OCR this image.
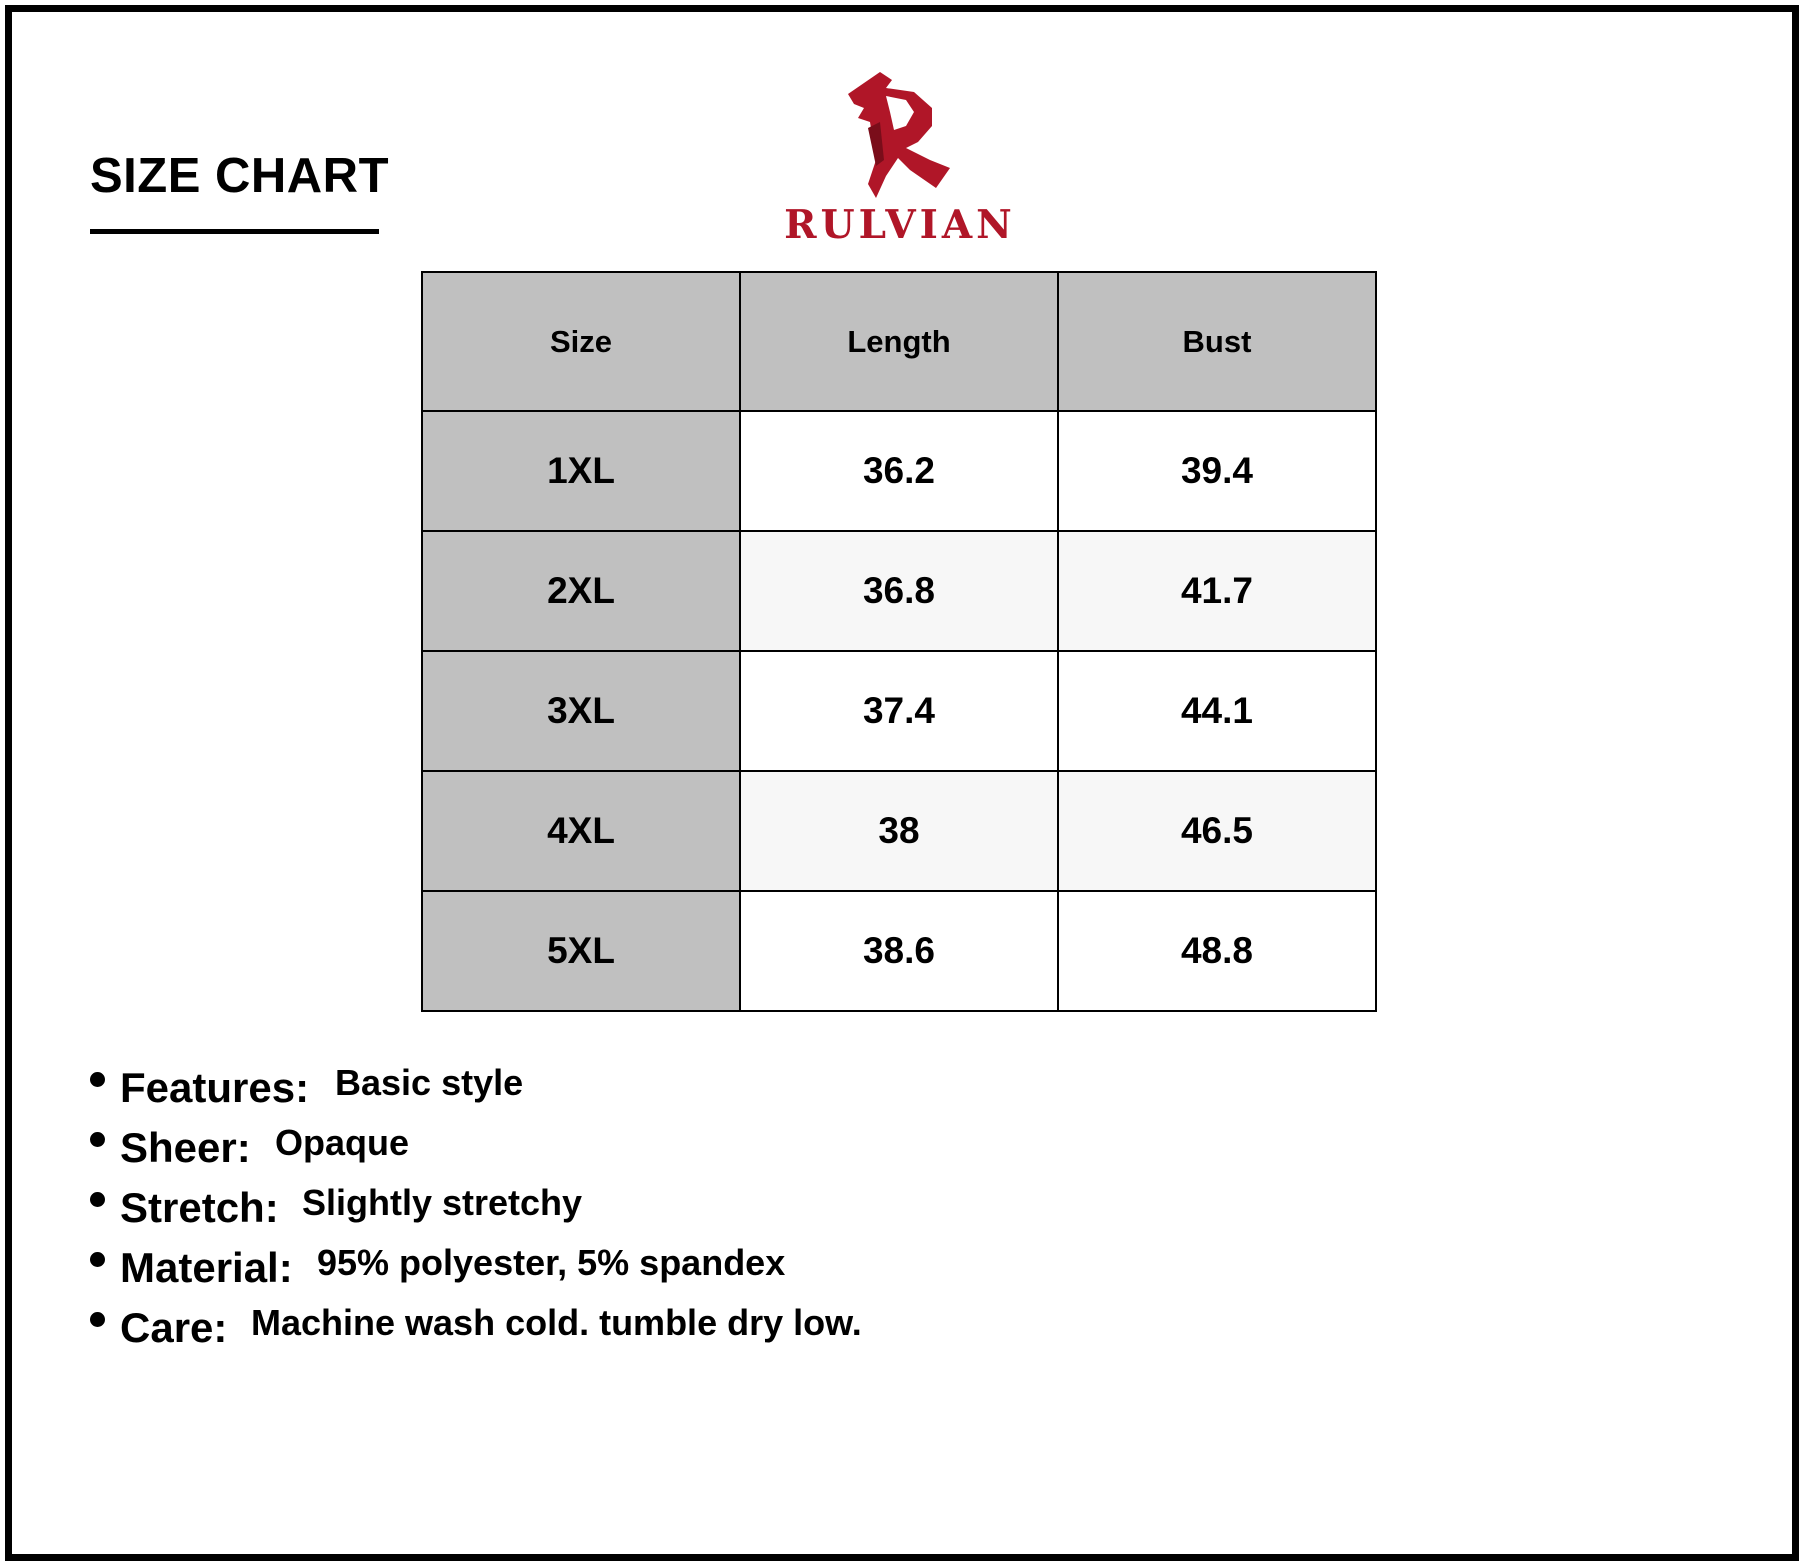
SIZE CHART
RULVIAN
Size	Length	Bust
1XL	36.2	39.4
2XL	36.8	41.7
3XL	37.4	44.1
4XL	38	46.5
5XL	38.6	48.8
Features: Basic style
Sheer: Opaque
Stretch: Slightly stretchy
Material: 95% polyester, 5% spandex
Care: Machine wash cold. tumble dry low.
